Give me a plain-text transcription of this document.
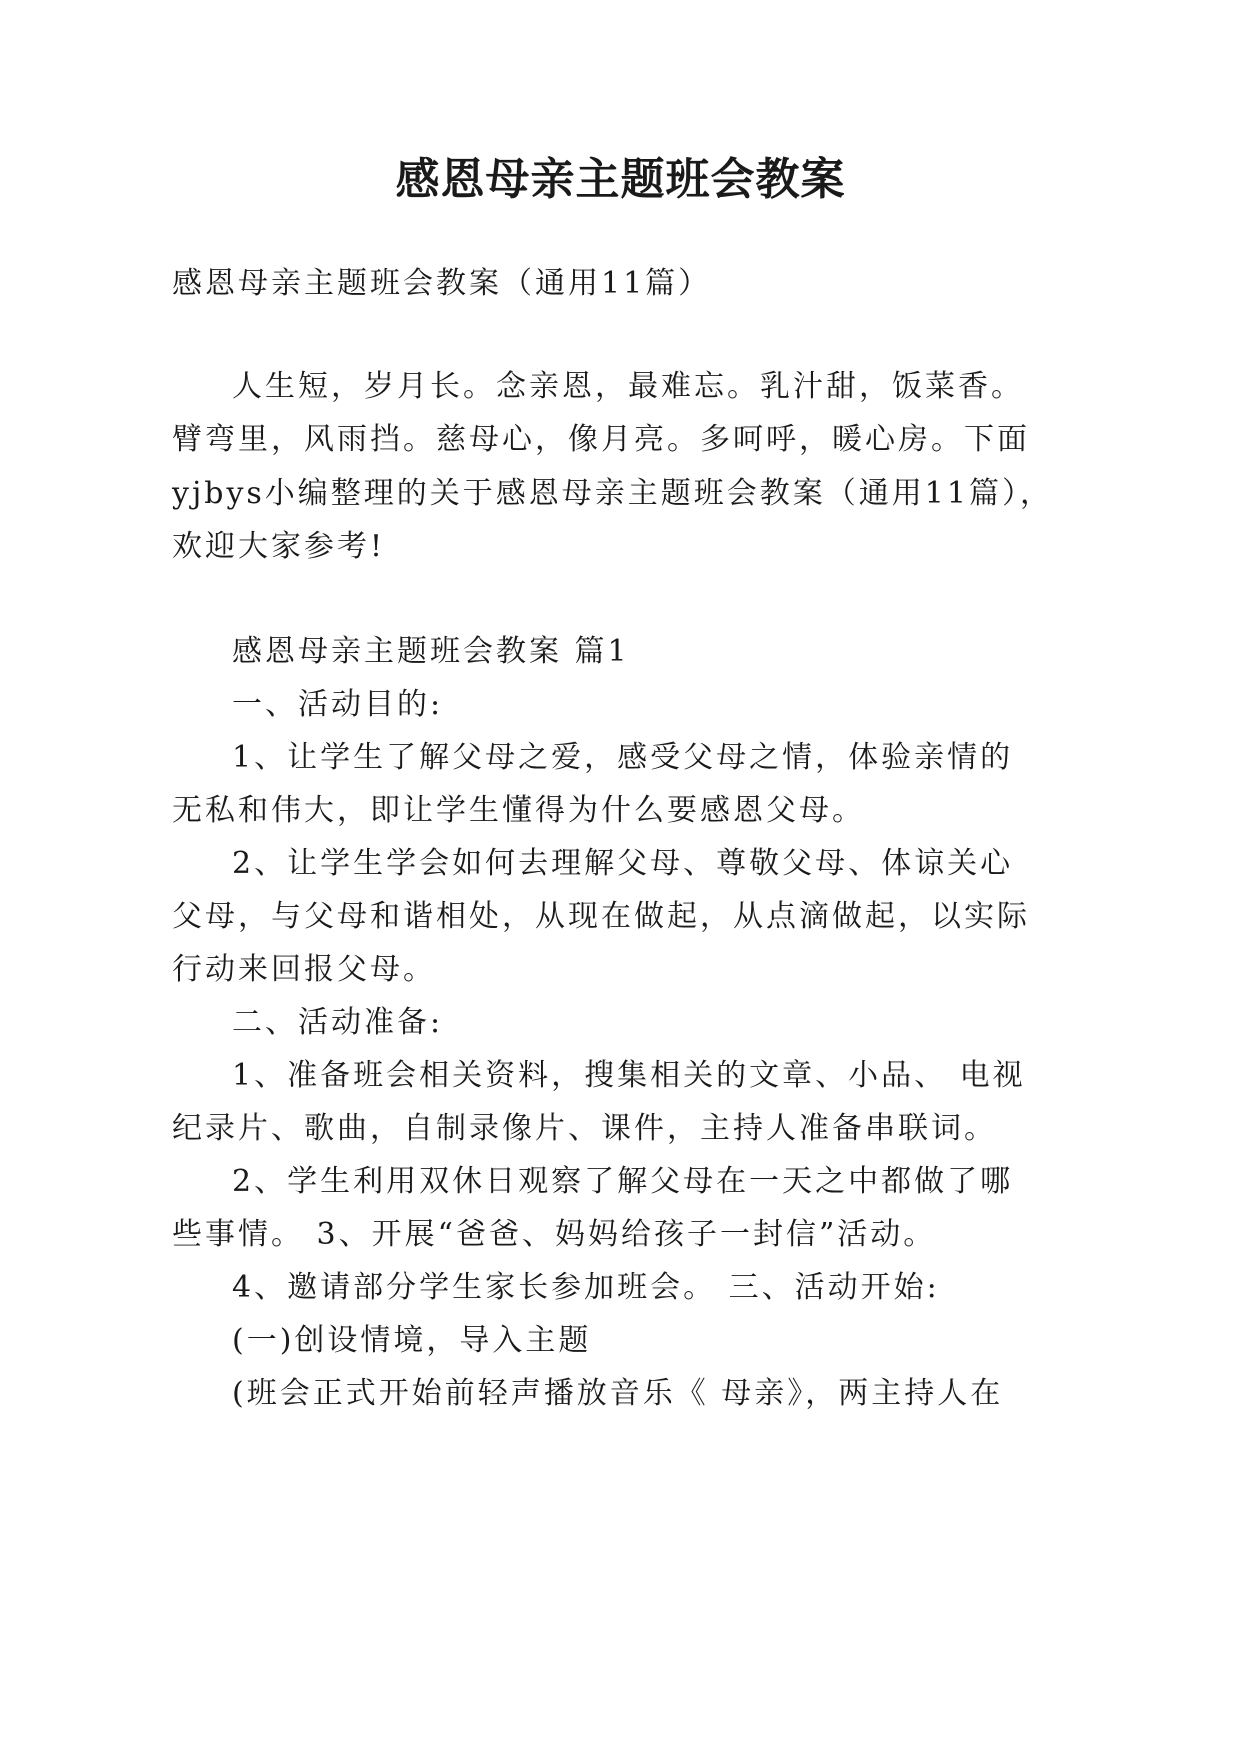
感恩母亲主题班会教案
感恩母亲主题班会教案（通用11篇）
人生短，岁月长。念亲恩，最难忘。乳汁甜，饭菜香。
臂弯里，风雨挡。慈母心，像月亮。多呵呼，暖心房。下面
yjbys小编整理的关于感恩母亲主题班会教案（通用11篇），
欢迎大家参考!
感恩母亲主题班会教案 篇1
一、活动目的:
1、让学生了解父母之爱，感受父母之情，体验亲情的
无私和伟大，即让学生懂得为什么要感恩父母。
2、让学生学会如何去理解父母、尊敬父母、体谅关心
父母，与父母和谐相处，从现在做起，从点滴做起，以实际
行动来回报父母。
二、活动准备:
1、准备班会相关资料，搜集相关的文章、小品、 电视
纪录片、歌曲，自制录像片、课件，主持人准备串联词。
2、学生利用双休日观察了解父母在一天之中都做了哪
些事情。 3、开展“爸爸、妈妈给孩子一封信”活动。
4、邀请部分学生家长参加班会。 三、活动开始:
(一)创设情境，导入主题
(班会正式开始前轻声播放音乐《 母亲》，两主持人在
